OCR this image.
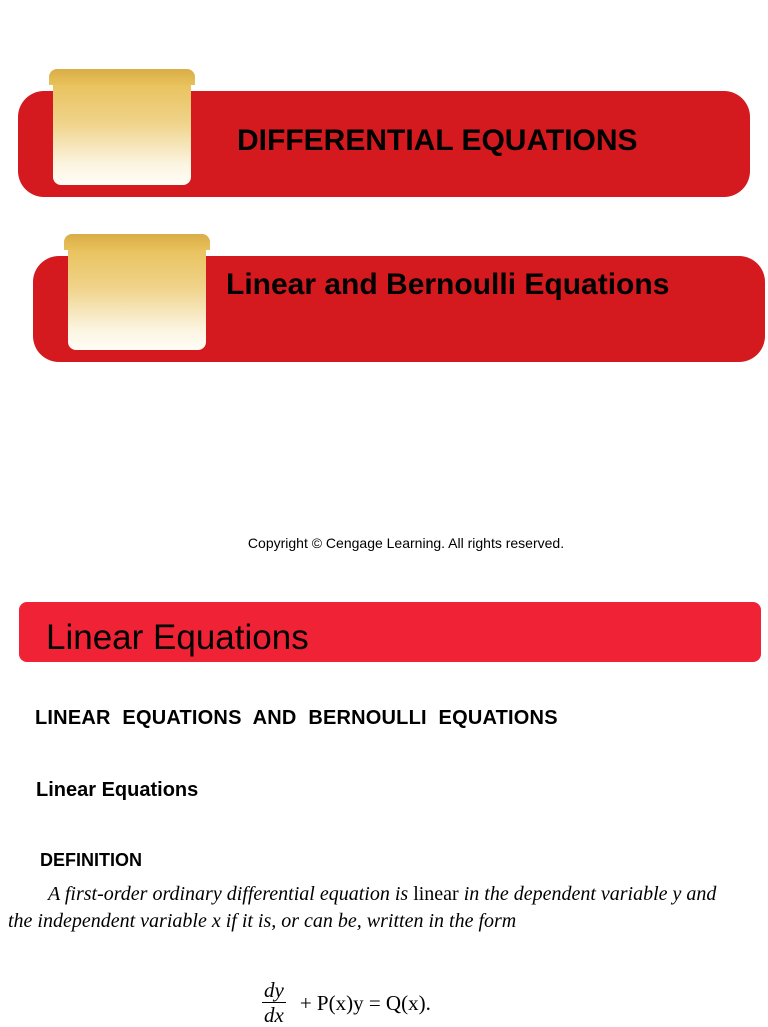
DIFFERENTIAL EQUATIONS
Linear and Bernoulli Equations
Copyright © Cengage Learning. All rights reserved.
Linear Equations
LINEAR EQUATIONS AND BERNOULLI EQUATIONS
Linear Equations
DEFINITION
A first-order ordinary differential equation is linear in the dependent variable y and
the independent variable x if it is, or can be, written in the form
$\frac{dy}{dx} + P(x)y = Q(x)$.
